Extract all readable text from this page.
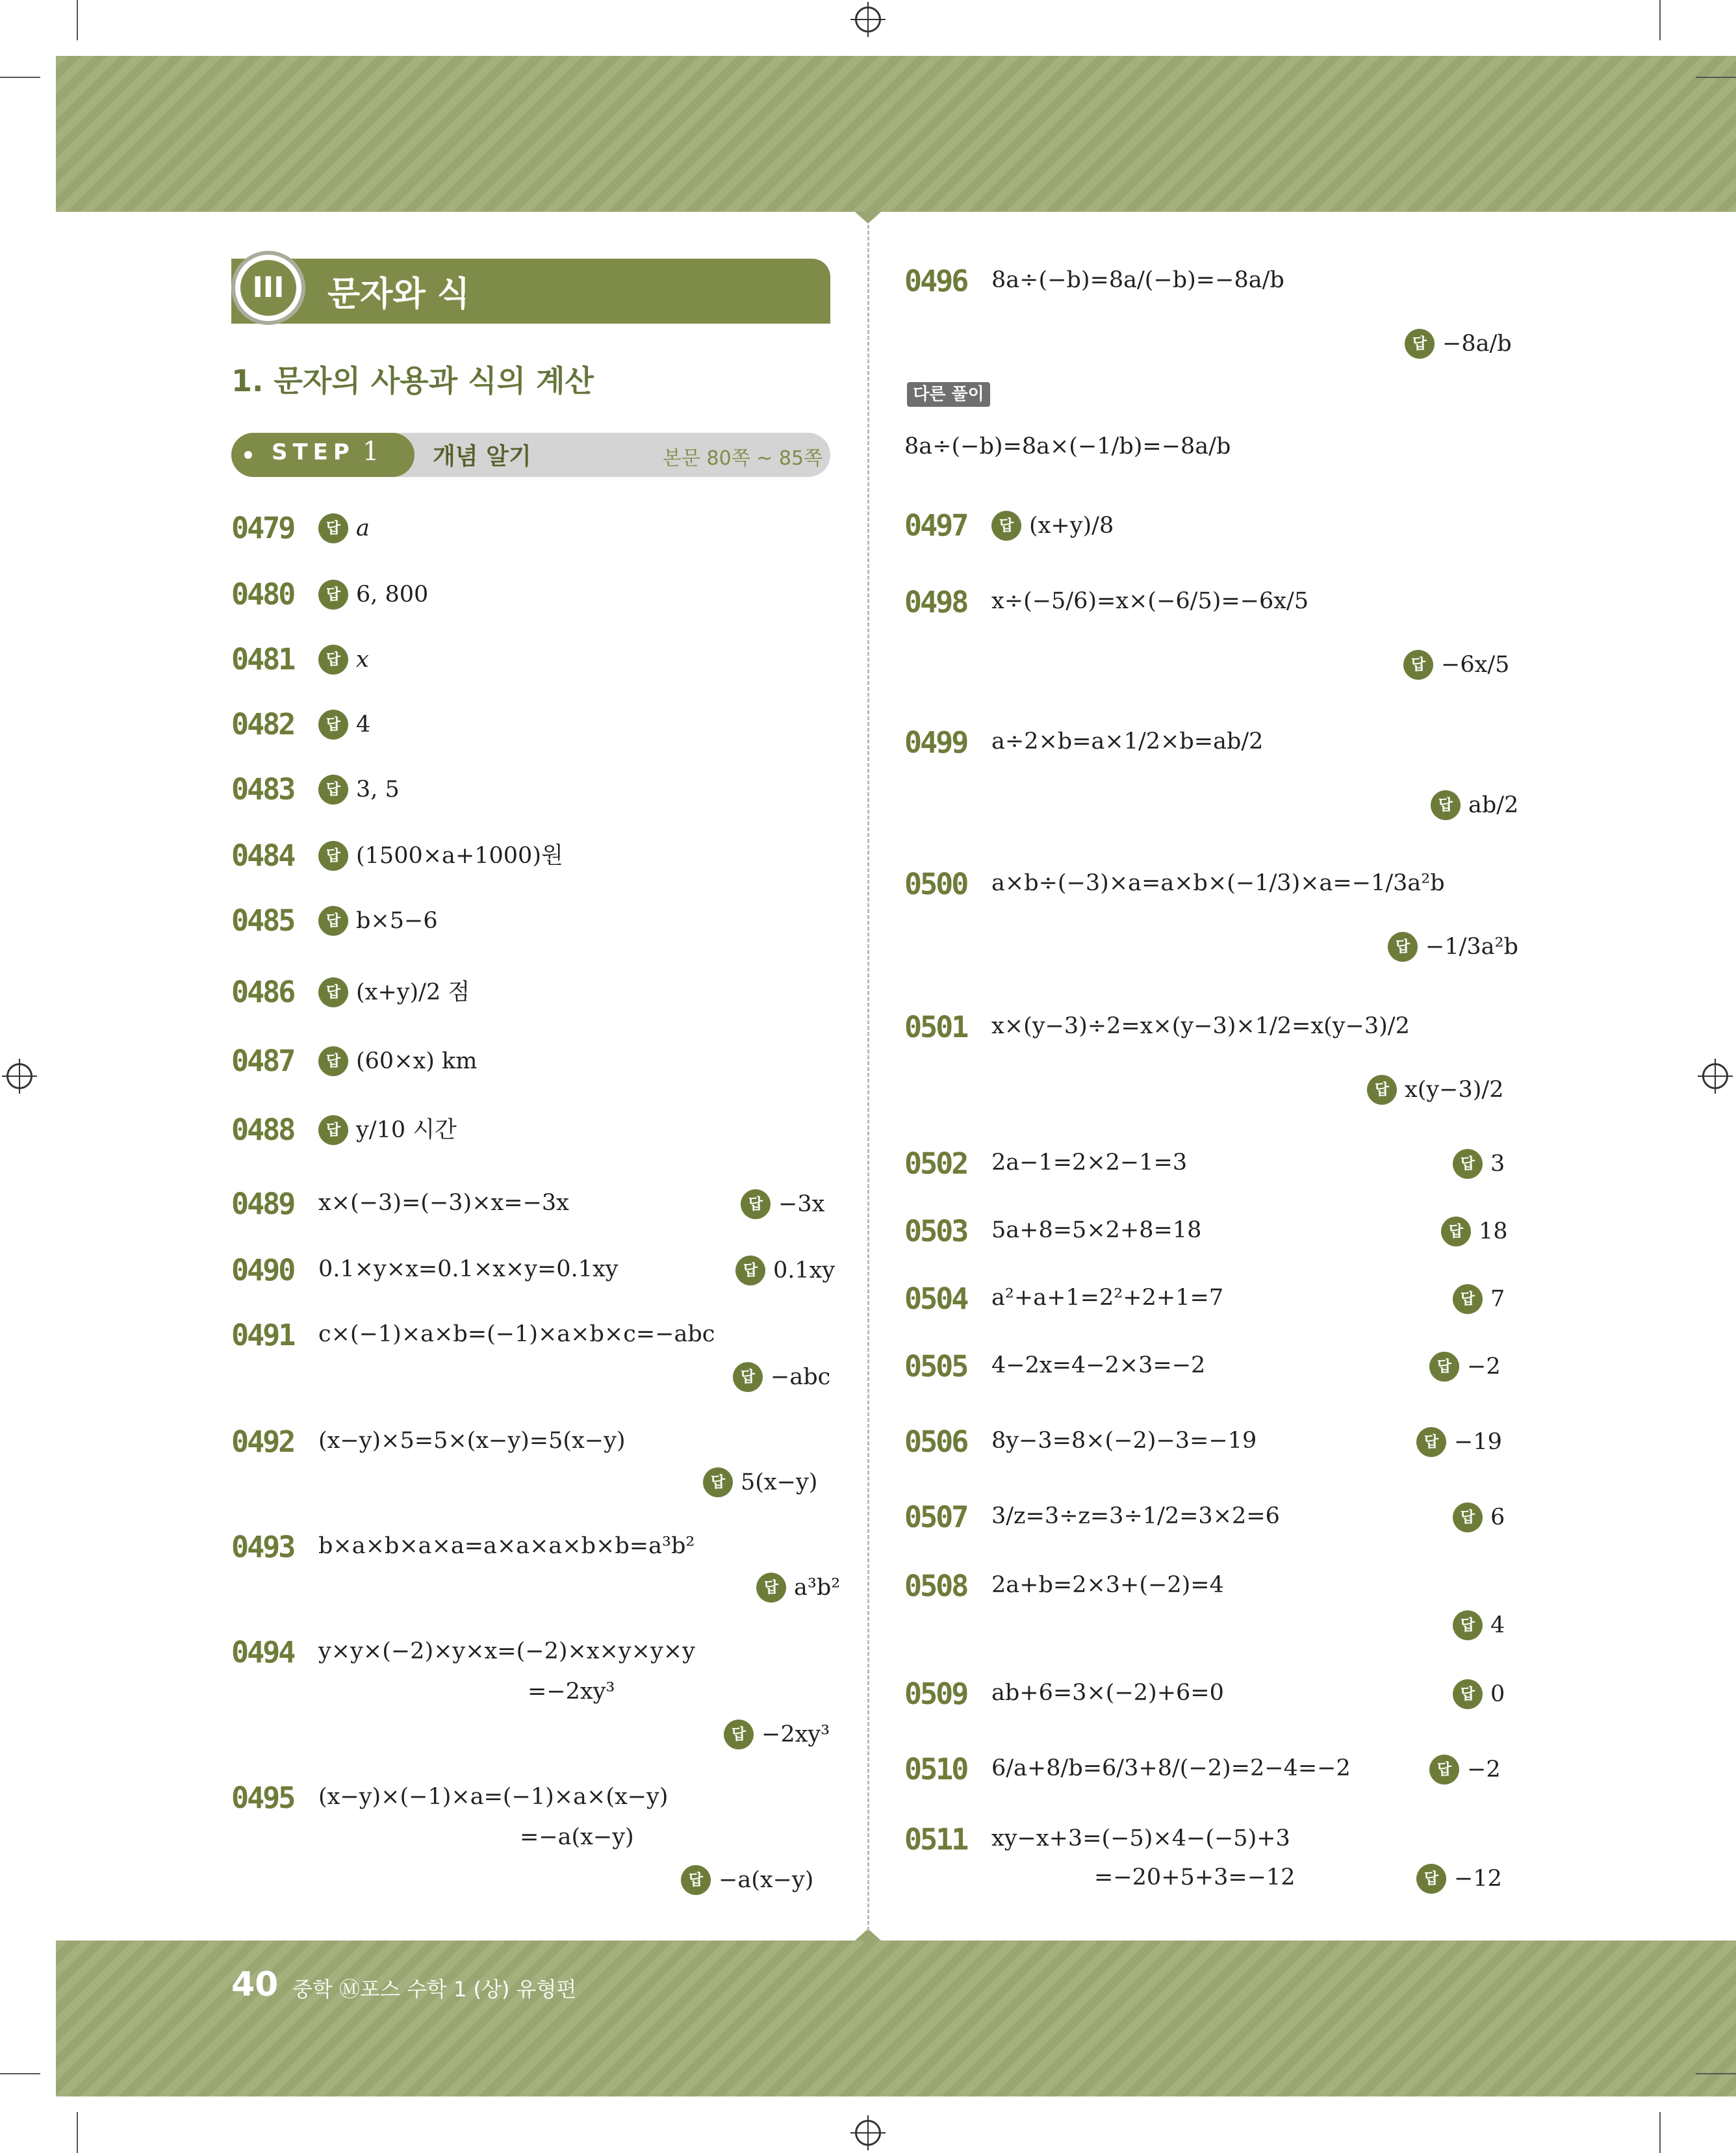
III	문자와 식
1. 문자의 사용과 식의 계산
STEP 1 개념 알기	본문 80쪽 ~ 85쪽
0479	답 a
0480	답 6, 800
0481	답 x
0482	답 4
0483	답 3, 5
0484	답 (1500×a+1000)원
0485	답 b×5−6
0486	답 (x+y)/2 점
0487	답 (60×x) km
0488	답 y/10 시간
0489 x×(−3)=(−3)×x=−3x	답 −3x
0490 0.1×y×x=0.1×x×y=0.1xy	답 0.1xy
0491 c×(−1)×a×b=(−1)×a×b×c=−abc
답 −abc
0492 (x−y)×5=5×(x−y)=5(x−y)
답 5(x−y)
0493 b×a×b×a×a=a×a×a×b×b=a³b²
답 a³b²
0494 y×y×(−2)×y×x=(−2)×x×y×y×y
=−2xy³
답 −2xy³
0495 (x−y)×(−1)×a=(−1)×a×(x−y)
=−a(x−y)
답 −a(x−y)
0496 8a÷(−b)=8a/(−b)=−8a/b
답 −8a/b
다른 풀이
8a÷(−b)=8a×(−1/b)=−8a/b
0497	답 (x+y)/8
0498 x÷(−5/6)=x×(−6/5)=−6x/5
답 −6x/5
0499 a÷2×b=a×1/2×b=ab/2
답 ab/2
0500 a×b÷(−3)×a=a×b×(−1/3)×a=−1/3a²b
답 −1/3a²b
0501 x×(y−3)÷2=x×(y−3)×1/2=x(y−3)/2
답 x(y−3)/2
0502 2a−1=2×2−1=3	답 3
0503 5a+8=5×2+8=18	답 18
0504 a²+a+1=2²+2+1=7	답 7
0505 4−2x=4−2×3=−2	답 −2
0506 8y−3=8×(−2)−3=−19	답 −19
0507 3/z=3÷z=3÷1/2=3×2=6	답 6
0508 2a+b=2×3+(−2)=4
답 4
0509 ab+6=3×(−2)+6=0	답 0
0510 6/a+8/b=6/3+8/(−2)=2−4=−2	답 −2
0511 xy−x+3=(−5)×4−(−5)+3
=−20+5+3=−12	답 −12
40 중학 Ⓜ포스 수학 1 (상) 유형편
